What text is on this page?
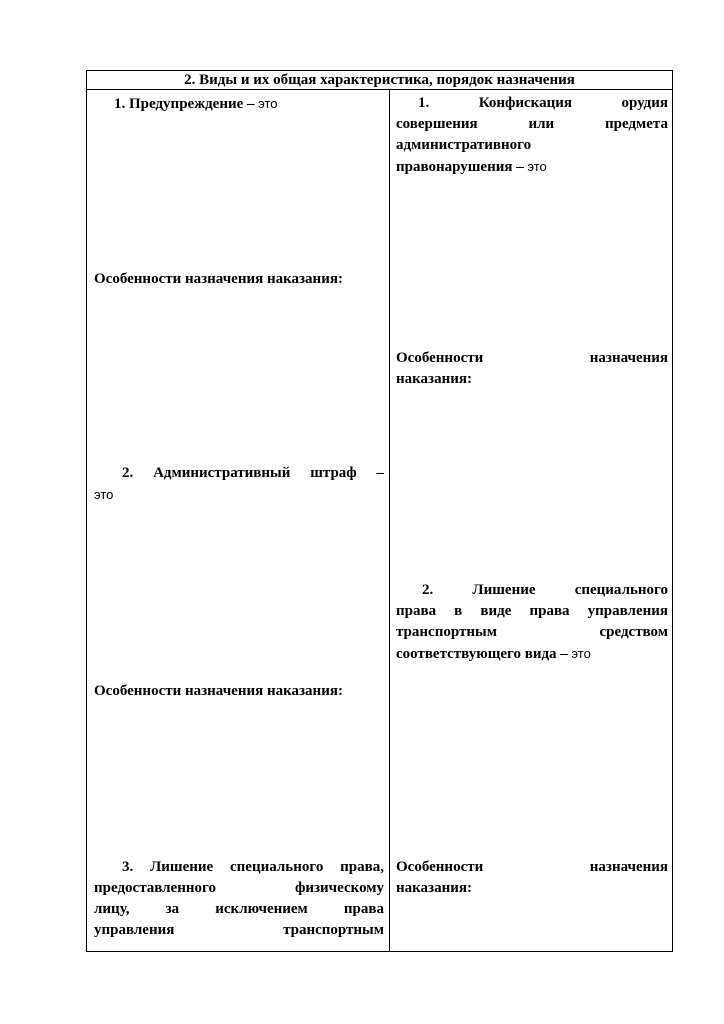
2. Виды и их общая характеристика, порядок назначения
1. Предупреждение – это
Особенности назначения наказания:
2. Административный штраф –
это
Особенности назначения наказания:
3. Лишение специального права,
предоставленного физическому
лицу, за исключением права
управления транспортным
1. Конфискация орудия
совершения или предмета
административного
правонарушения – это
Особенности назначения
наказания:
2. Лишение специального
права в виде права управления
транспортным средством
соответствующего вида – это
Особенности назначения
наказания:
